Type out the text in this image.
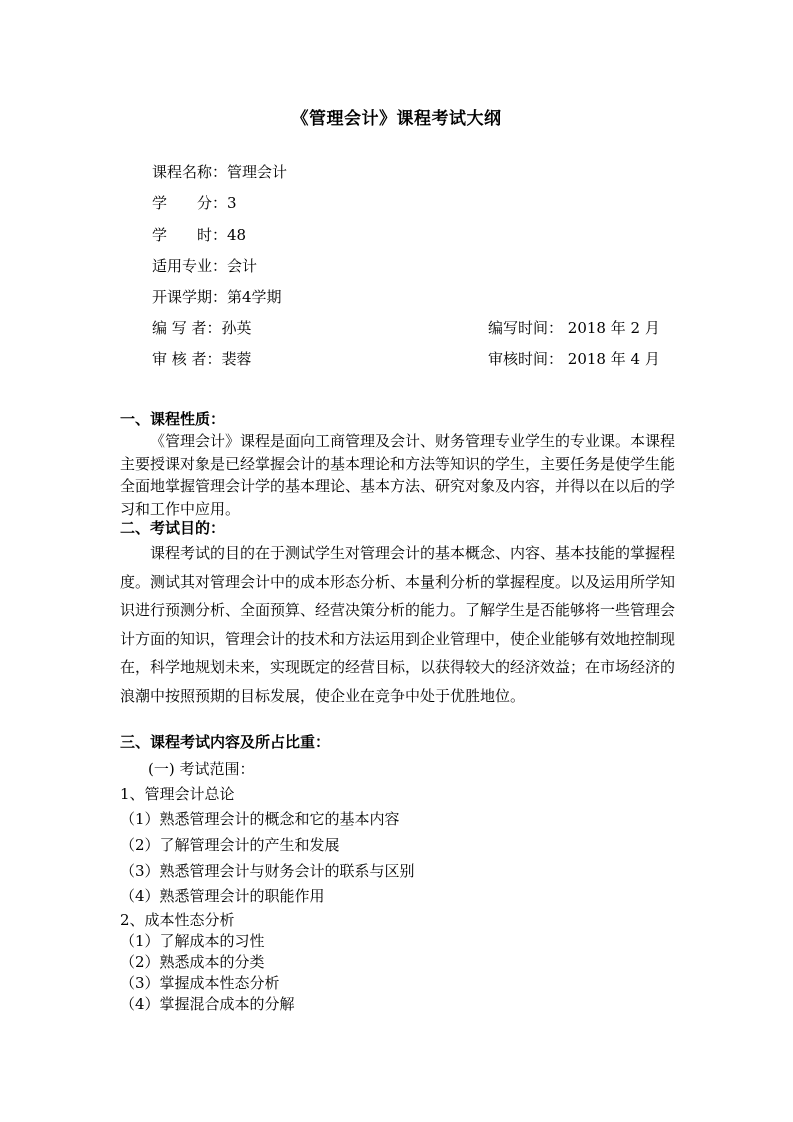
《管理会计》课程考试大纲
课程名称：管理会计
学　　分：3
学　　时：48
适用专业：会计
开课学期：第4学期
编 写 者：孙英	编写时间： 2018 年 2 月
审 核 者：裴蓉	审核时间： 2018 年 4 月
一、课程性质：
《管理会计》课程是面向工商管理及会计、财务管理专业学生的专业课。本课程主要授课对象是已经掌握会计的基本理论和方法等知识的学生，主要任务是使学生能全面地掌握管理会计学的基本理论、基本方法、研究对象及内容，并得以在以后的学习和工作中应用。
二、考试目的：
课程考试的目的在于测试学生对管理会计的基本概念、内容、基本技能的掌握程度。测试其对管理会计中的成本形态分析、本量利分析的掌握程度。以及运用所学知识进行预测分析、全面预算、经营决策分析的能力。了解学生是否能够将一些管理会计方面的知识，管理会计的技术和方法运用到企业管理中，使企业能够有效地控制现在，科学地规划未来，实现既定的经营目标，以获得较大的经济效益；在市场经济的浪潮中按照预期的目标发展，使企业在竞争中处于优胜地位。
三、课程考试内容及所占比重：
(一) 考试范围：
1、管理会计总论
（1）熟悉管理会计的概念和它的基本内容
（2）了解管理会计的产生和发展
（3）熟悉管理会计与财务会计的联系与区别
（4）熟悉管理会计的职能作用
2、成本性态分析
（1）了解成本的习性
（2）熟悉成本的分类
（3）掌握成本性态分析
（4）掌握混合成本的分解
